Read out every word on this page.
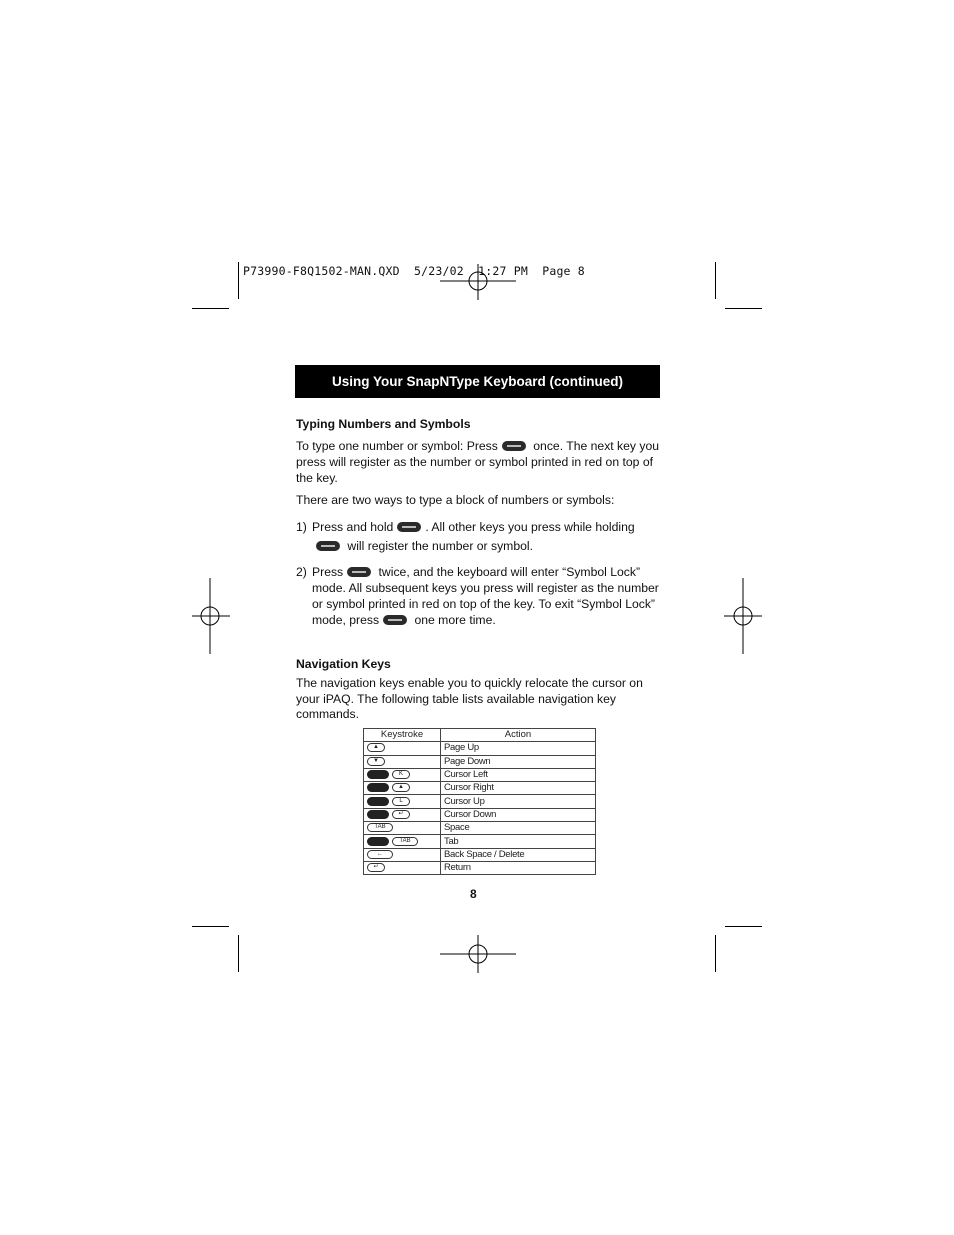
P73990-F8Q1502-MAN.QXD  5/23/02  1:27 PM  Page 8
Using Your SnapNType Keyboard (continued)
Typing Numbers and Symbols

To type one number or symbol: Press	once. The next key you press will register as the number or symbol printed in red on top of the key.

There are two ways to type a block of numbers or symbols:

1) Press and hold	. All other keys you press while holding  will register the number or symbol.
2) Press	twice, and the keyboard will enter “Symbol Lock” mode. All subsequent keys you press will register as the number or symbol printed in red on top of the key. To exit “Symbol Lock” mode, press	one more time.
Navigation Keys

The navigation keys enable you to quickly relocate the cursor on your iPAQ. The following table lists available navigation key commands.

Keystroke	Action
▲	Page Up
▼	Page Down
K	Cursor Left
▲	Cursor Right
L	Cursor Up
↵	Cursor Down
TAB	Space
TAB	Tab
←	Back Space / Delete
↵	Return
8
